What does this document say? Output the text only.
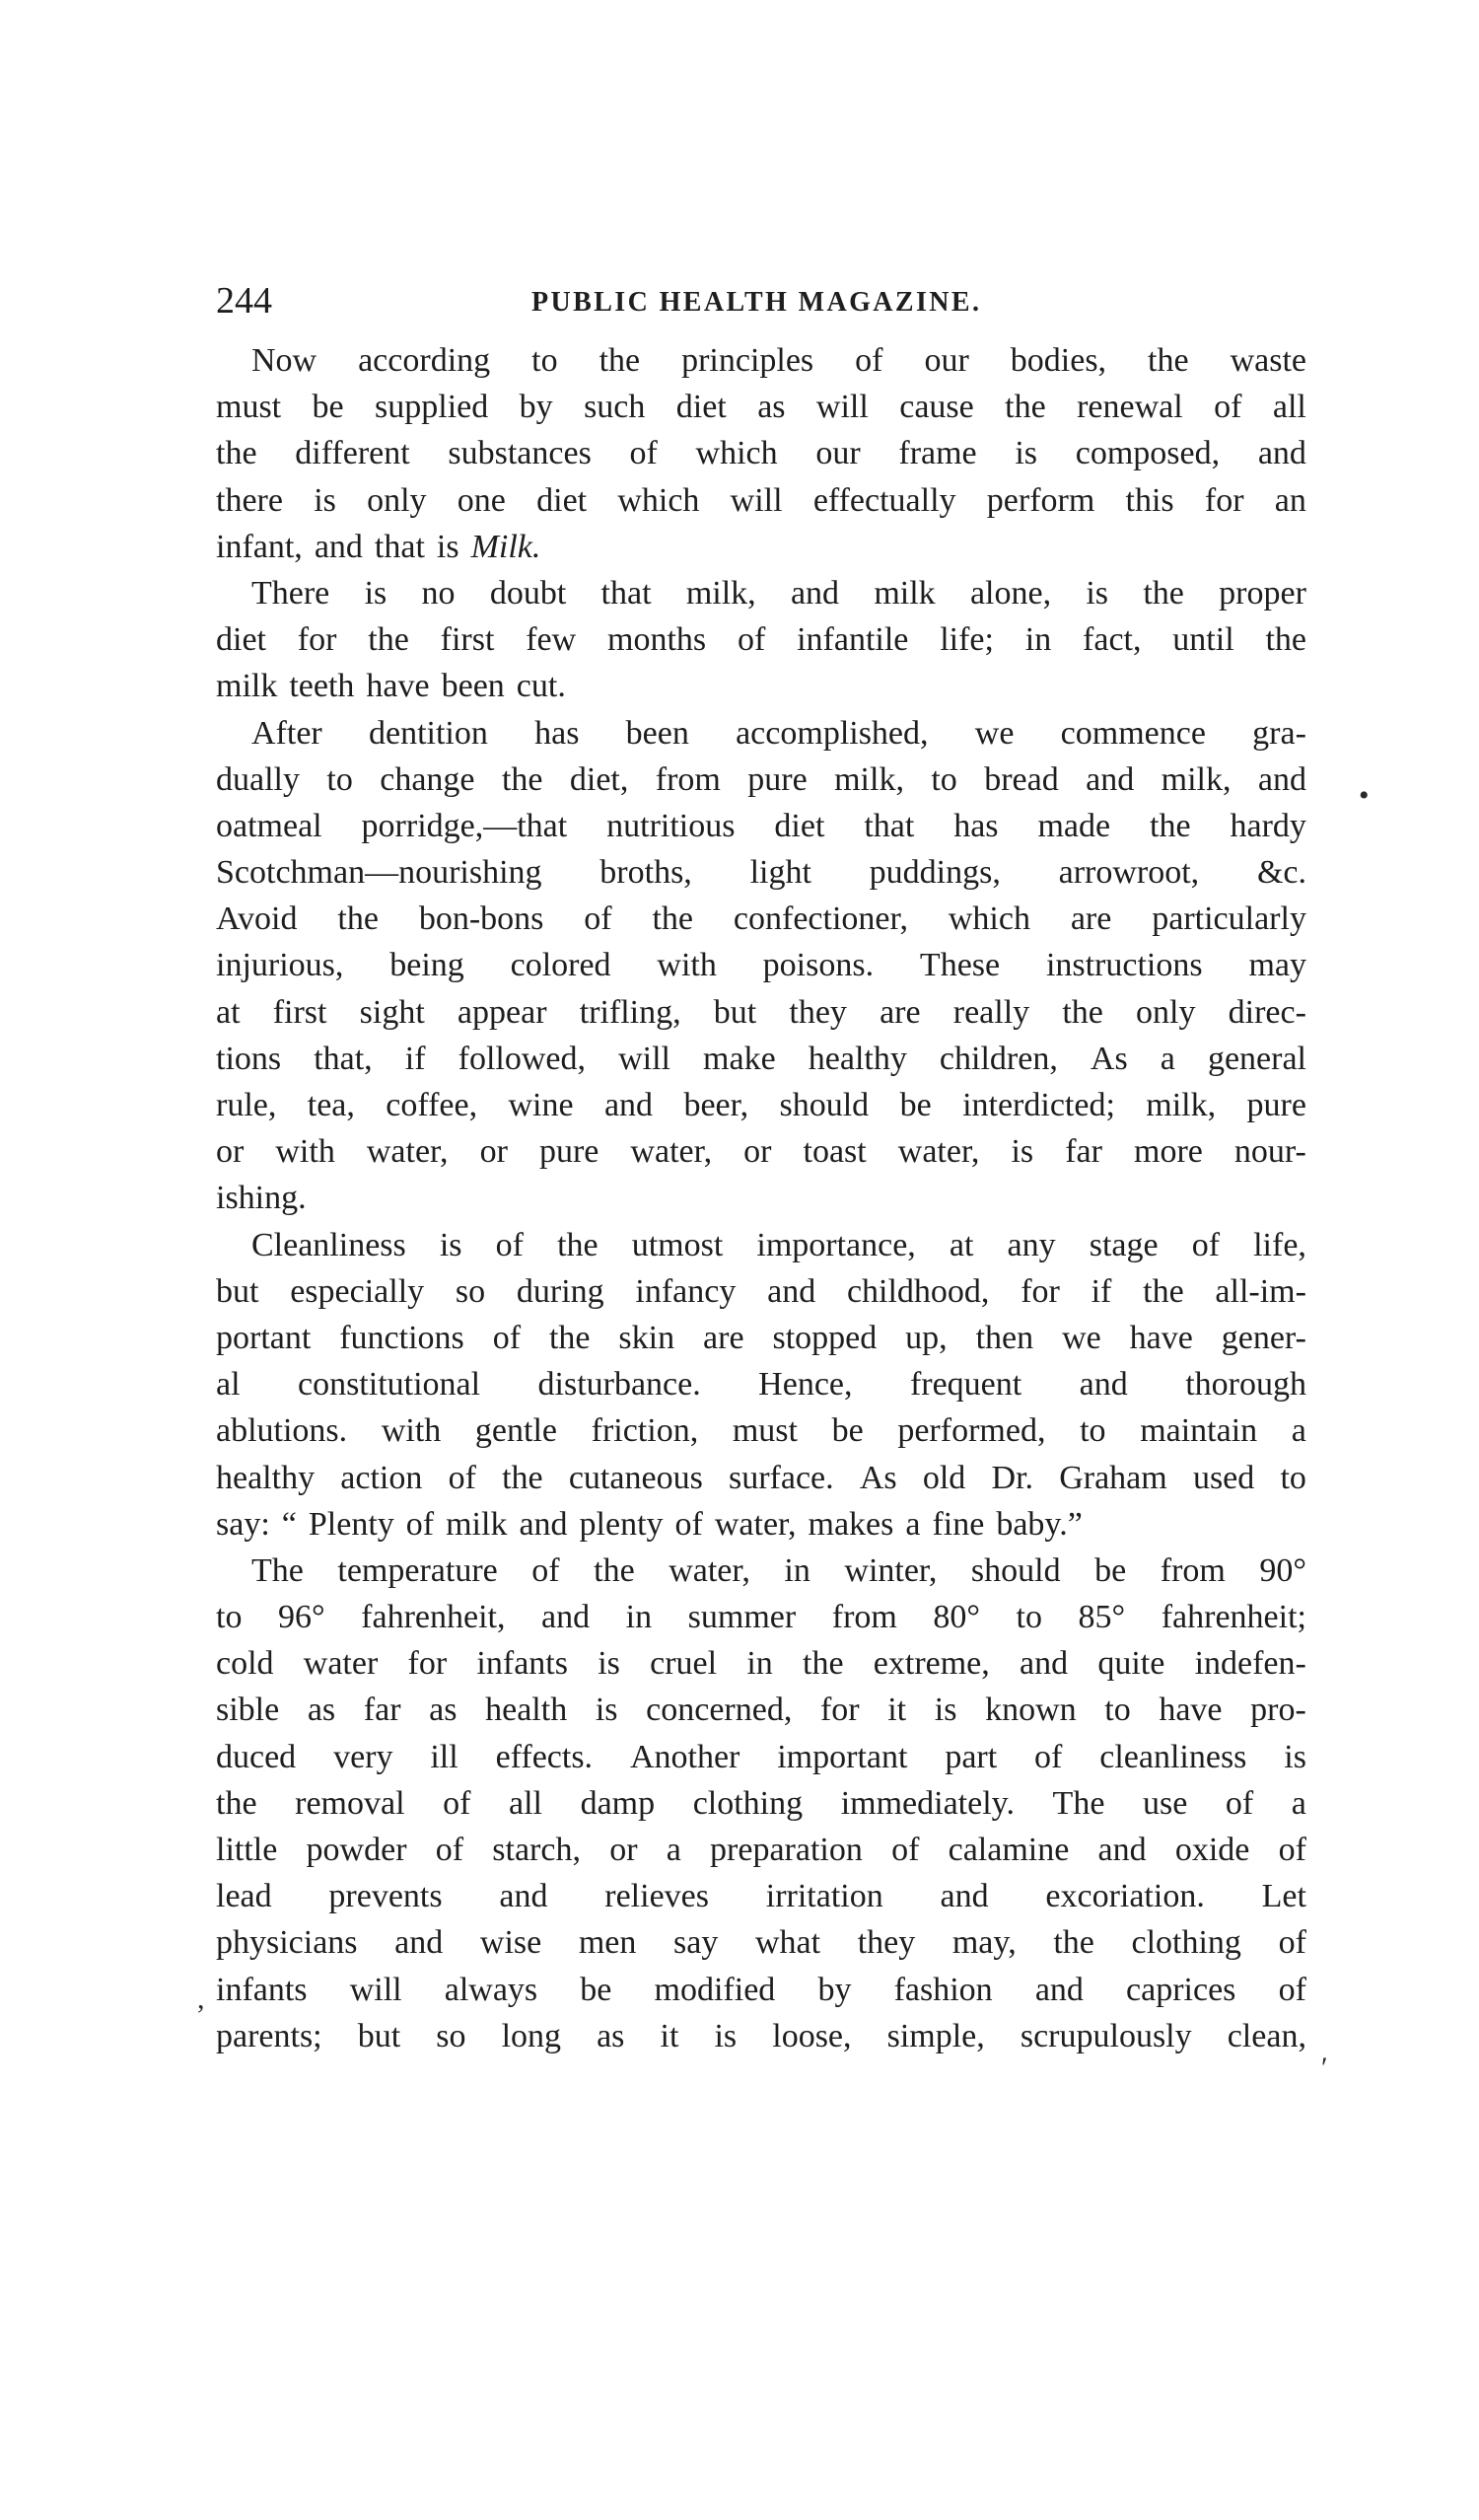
244	PUBLIC HEALTH MAGAZINE.
Now according to the principles of our bodies, the waste
must be supplied by such diet as will cause the renewal of all
the different substances of which our frame is composed, and
there is only one diet which will effectually perform this for an
infant, and that is Milk.
There is no doubt that milk, and milk alone, is the proper
diet for the first few months of infantile life; in fact, until the
milk teeth have been cut.
After dentition has been accomplished, we commence gra-
dually to change the diet, from pure milk, to bread and milk, and
oatmeal porridge,—that nutritious diet that has made the hardy
Scotchman—nourishing broths, light puddings, arrowroot, &c.
Avoid the bon-bons of the confectioner, which are particularly
injurious, being colored with poisons. These instructions may
at first sight appear trifling, but they are really the only direc-
tions that, if followed, will make healthy children, As a general
rule, tea, coffee, wine and beer, should be interdicted; milk, pure
or with water, or pure water, or toast water, is far more nour-
ishing.
Cleanliness is of the utmost importance, at any stage of life,
but especially so during infancy and childhood, for if the all-im-
portant functions of the skin are stopped up, then we have gener-
al constitutional disturbance. Hence, frequent and thorough
ablutions. with gentle friction, must be performed, to maintain a
healthy action of the cutaneous surface. As old Dr. Graham used to
say: “ Plenty of milk and plenty of water, makes a fine baby.”
The temperature of the water, in winter, should be from 90°
to 96° fahrenheit, and in summer from 80° to 85° fahrenheit;
cold water for infants is cruel in the extreme, and quite indefen-
sible as far as health is concerned, for it is known to have pro-
duced very ill effects. Another important part of cleanliness is
the removal of all damp clothing immediately. The use of a
little powder of starch, or a preparation of calamine and oxide of
lead prevents and relieves irritation and excoriation. Let
physicians and wise men say what they may, the clothing of
infants will always be modified by fashion and caprices of
parents; but so long as it is loose, simple, scrupulously clean,
•
,
′
